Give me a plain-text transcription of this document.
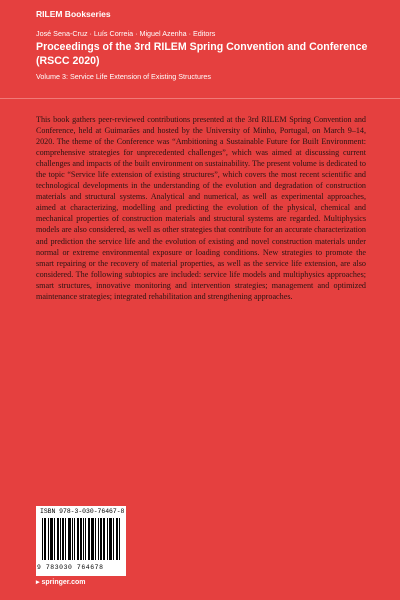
RILEM Bookseries
José Sena-Cruz · Luís Correia · Miguel Azenha · Editors
Proceedings of the 3rd RILEM Spring Convention and Conference
(RSCC 2020)
Volume 3: Service Life Extension of Existing Structures

This book gathers peer-reviewed contributions presented at the 3rd RILEM Spring Convention and Conference, held at Guimarães and hosted by the University of Minho, Portugal, on March 9–14, 2020. The theme of the Conference was “Ambitioning a Sustainable Future for Built Environment: comprehensive strategies for unprecedented challenges”, which was aimed at discussing current challenges and impacts of the built environment on sustainability. The present volume is dedicated to the topic “Service life extension of existing structures”, which covers the most recent scientific and technological developments in the understanding of the evolution and degradation of construction materials and structural systems. Analytical and numerical, as well as experimental approaches, aimed at characterizing, modelling and predicting the evolution of the physical, chemical and mechanical properties of construction materials and structural systems are regarded. Multiphysics models are also considered, as well as other strategies that contribute for an accurate characterization and prediction the service life and the evolution of existing and novel construction materials under normal or extreme environmental exposure or loading conditions. New strategies to promote the smart repairing or the recovery of material properties, as well as the service life extension, are also considered. The following subtopics are included: service life models and multiphysics approaches; smart structures, innovative monitoring and intervention strategies; management and optimized maintenance strategies; integrated rehabilitation and strengthening approaches.

ISBN 978-3-030-76467-8
9 783030 764678
▸ springer.com
